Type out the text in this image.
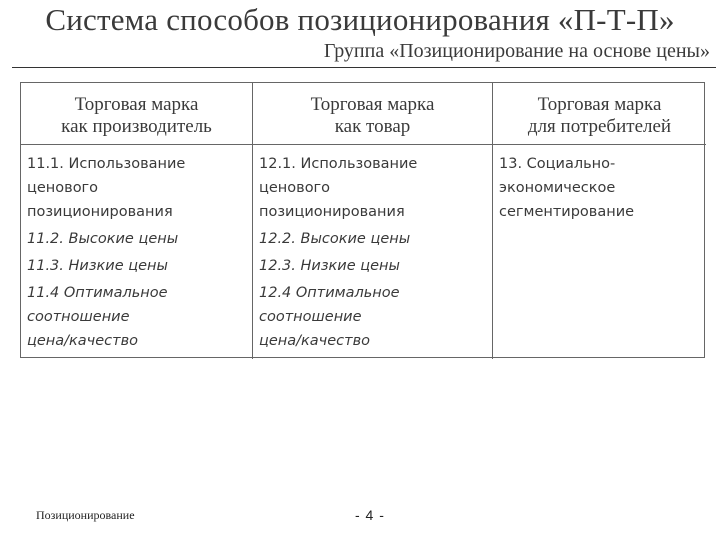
Система способов позиционирования «П-Т-П»
Группа «Позиционирование на основе цены»
Торговая марка
как производитель
Торговая марка
как товар
Торговая марка
для потребителей
11.1. Использование
ценового
позиционирования
11.2. Высокие цены
11.3. Низкие цены
11.4 Оптимальное
соотношение
цена/качество
12.1. Использование
ценового
позиционирования
12.2. Высокие цены
12.3. Низкие цены
12.4 Оптимальное
соотношение
цена/качество
13. Социально-
экономическое
сегментирование
Позиционирование	- 4 -
